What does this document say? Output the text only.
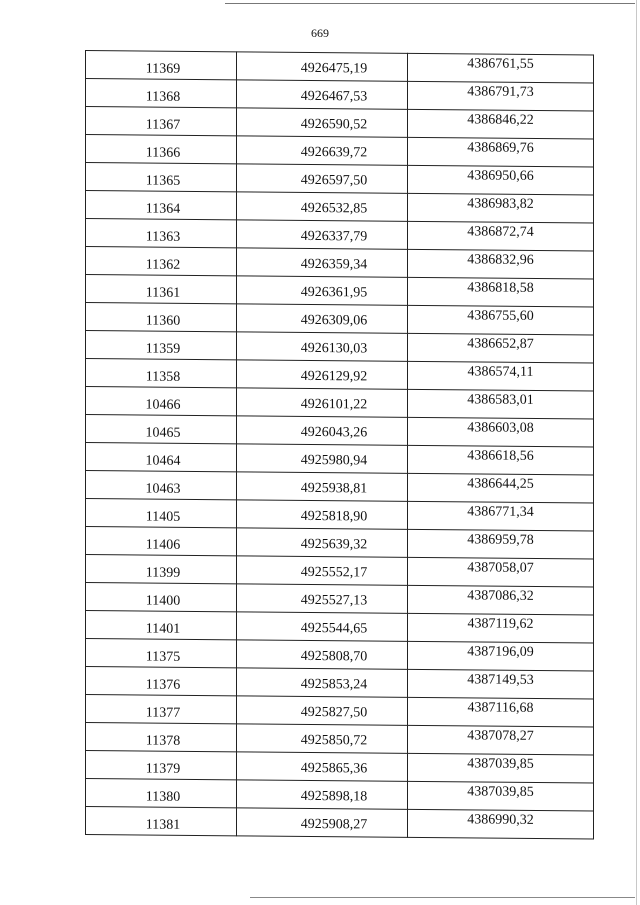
669
11369	4926475,19	4386761,55
11368	4926467,53	4386791,73
11367	4926590,52	4386846,22
11366	4926639,72	4386869,76
11365	4926597,50	4386950,66
11364	4926532,85	4386983,82
11363	4926337,79	4386872,74
11362	4926359,34	4386832,96
11361	4926361,95	4386818,58
11360	4926309,06	4386755,60
11359	4926130,03	4386652,87
11358	4926129,92	4386574,11
10466	4926101,22	4386583,01
10465	4926043,26	4386603,08
10464	4925980,94	4386618,56
10463	4925938,81	4386644,25
11405	4925818,90	4386771,34
11406	4925639,32	4386959,78
11399	4925552,17	4387058,07
11400	4925527,13	4387086,32
11401	4925544,65	4387119,62
11375	4925808,70	4387196,09
11376	4925853,24	4387149,53
11377	4925827,50	4387116,68
11378	4925850,72	4387078,27
11379	4925865,36	4387039,85
11380	4925898,18	4387039,85
11381	4925908,27	4386990,32
